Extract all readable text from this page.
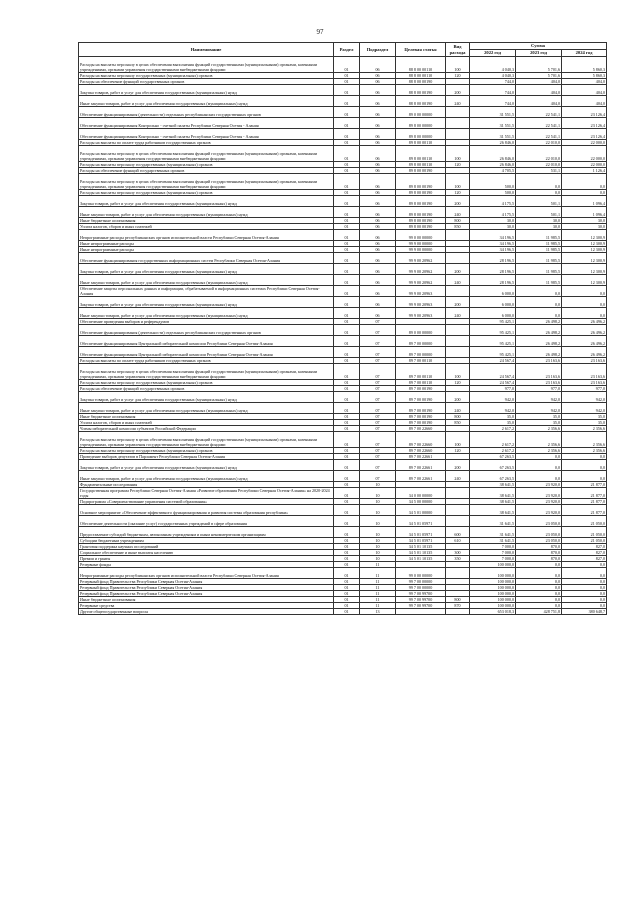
97
Наименование	Раздел	Подраздел	Целевая статья	Вид расхода	Сумма		
					2022 год	2023 год	2024 год
Расходы на выплаты персоналу в целях обеспечения выполнения функций государственными (муниципальными) органами, казенными учреждениями, органами управления государственными внебюджетными фондами	01	06	88 8 00 00110	100	4 040,3	5 701,6	5 860,3
Расходы на выплаты персоналу государственных (муниципальных) органов	01	06	88 8 00 00110	120	4 040,3	5 701,6	5 860,3
Расходы на обеспечение функций государственных органов	01	06	88 8 00 00190		744,0	404,0	404,0
Закупка товаров, работ и услуг для обеспечения государственных (муниципальных) нужд	01	06	88 8 00 00190	200	744,0	404,0	404,0
Иные закупки товаров, работ и услуг для обеспечения государственных (муниципальных) нужд	01	06	88 8 00 00190	240	744,0	404,0	404,0
Обеспечение функционирования (деятельности) отдельных республиканских государственных органов	01	06	89 0 00 00000		31 551,5	22 541,1	23 126,4
Обеспечение функционирования Контрольно - счетной палаты Республики Северная Осетия - Алания	01	06	89 8 00 00000		31 551,5	22 541,1	23 126,4
Обеспечение функционирования Контрольно - счетной палаты Республики Северная Осетия - Алания	01	06	89 8 00 00000		31 551,5	22 541,1	23 126,4
Расходы на выплаты по оплате труда работников государственных органов	01	06	89 8 00 00110		26 846,0	22 010,0	22 000,0
Расходы на выплаты персоналу в целях обеспечения выполнения функций государственными (муниципальными) органами, казенными учреждениями, органами управления государственными внебюджетными фондами	01	06	89 8 00 00110	100	26 846,0	22 010,0	22 000,0
Расходы на выплаты персоналу государственных (муниципальных) органов	01	06	89 8 00 00110	120	26 846,0	22 010,0	22 000,0
Расходы на обеспечение функций государственных органов	01	06	89 8 00 00190		4 705,5	531,1	1 126,4
Расходы на выплаты персоналу в целях обеспечения выполнения функций государственными (муниципальными) органами, казенными учреждениями, органами управления государственными внебюджетными фондами	01	06	89 8 00 00190	100	500,0	0,0	0,0
Расходы на выплаты персоналу государственных (муниципальных) органов	01	06	89 8 00 00190	120	500,0	0,0	0,0
Закупка товаров, работ и услуг для обеспечения государственных (муниципальных) нужд	01	06	89 8 00 00190	200	4 175,5	501,1	1 096,4
Иные закупки товаров, работ и услуг для обеспечения государственных (муниципальных) нужд	01	06	89 8 00 00190	240	4 175,5	501,1	1 096,4
Иные бюджетные ассигнования	01	06	89 8 00 00190	800	30,0	30,0	30,0
Уплата налогов, сборов и иных платежей	01	06	89 8 00 00190	850	30,0	30,0	30,0
Непрограммные расходы республиканских органов исполнительной власти Республики Северная Осетия-Алания	01	06	99 0 00 00000		34 196,5	11 985,5	12 300,9
Иные непрограммные расходы	01	06	99 9 00 00000		34 196,5	11 985,5	12 300,9
Иные непрограммные расходы	01	06	99 9 00 00000		34 196,5	11 985,5	12 300,9
Обеспечение функционирования государственных информационных систем Республики Северная Осетия-Алания	01	06	99 9 00 20962		28 196,5	11 985,5	12 300,9
Закупка товаров, работ и услуг для обеспечения государственных (муниципальных) нужд	01	06	99 9 00 20962	200	28 196,5	11 985,5	12 300,9
Иные закупки товаров, работ и услуг для обеспечения государственных (муниципальных) нужд	01	06	99 9 00 20962	240	28 196,5	11 985,5	12 300,9
Обеспечение защиты персональных данных и информации, обрабатываемой в информационных системах Республики Северная Осетия-Алания	01	06	99 9 00 20963		6 000,0	0,0	0,0
Закупка товаров, работ и услуг для обеспечения государственных (муниципальных) нужд	01	06	99 9 00 20963	200	6 000,0	0,0	0,0
Иные закупки товаров, работ и услуг для обеспечения государственных (муниципальных) нужд	01	06	99 9 00 20963	240	6 000,0	0,0	0,0
Обеспечение проведения выборов и референдумов	01	07			95 425,1	26 498,2	26 496,2
Обеспечение функционирования (деятельности) отдельных республиканских государственных органов	01	07	89 0 00 00000		95 425,1	26 498,2	26 496,2
Обеспечение функционирования Центральной избирательной комиссии Республики Северная Осетия-Алания	01	07	89 7 00 00000		95 425,1	26 498,2	26 496,2
Обеспечение функционирования Центральной избирательной комиссии Республики Северная Осетия-Алания	01	07	89 7 00 00000		95 425,1	26 498,2	26 496,2
Расходы на выплаты по оплате труда работников государственных органов	01	07	89 7 00 00110		24 567,4	23 163,6	23 163,6
Расходы на выплаты персоналу в целях обеспечения выполнения функций государственными (муниципальными) органами, казенными учреждениями, органами управления государственными внебюджетными фондами	01	07	89 7 00 00110	100	24 567,4	23 163,6	23 163,6
Расходы на выплаты персоналу государственных (муниципальных) органов	01	07	89 7 00 00110	120	24 567,4	23 163,6	23 163,6
Расходы на обеспечение функций государственных органов	01	07	89 7 00 00190		977,0	977,0	977,0
Закупка товаров, работ и услуг для обеспечения государственных (муниципальных) нужд	01	07	89 7 00 00190	200	942,0	942,0	942,0
Иные закупки товаров, работ и услуг для обеспечения государственных (муниципальных) нужд	01	07	89 7 00 00190	240	942,0	942,0	942,0
Иные бюджетные ассигнования	01	07	89 7 00 00190	800	35,0	35,0	35,0
Уплата налогов, сборов и иных платежей	01	07	89 7 00 00190	850	35,0	35,0	35,0
Члены избирательной комиссии субъектов Российской Федерации	01	07	89 7 00 22660		2 617,2	2 356,6	2 356,6
Расходы на выплаты персоналу в целях обеспечения выполнения функций государственными (муниципальными) органами, казенными учреждениями, органами управления государственными внебюджетными фондами	01	07	89 7 00 22660	100	2 617,2	2 356,6	2 356,6
Расходы на выплаты персоналу государственных (муниципальных) органов	01	07	89 7 00 22660	120	2 617,2	2 356,6	2 356,6
Проведение выборов депутатов в Парламент Республики Северная Осетия-Алания	01	07	89 7 00 22661		67 263,5	0,0	0,0
Закупка товаров, работ и услуг для обеспечения государственных (муниципальных) нужд	01	07	89 7 00 22661	200	67 263,5	0,0	0,0
Иные закупки товаров, работ и услуг для обеспечения государственных (муниципальных) нужд	01	07	89 7 00 22661	240	67 263,5	0,0	0,0
Фундаментальные исследования	01	10			38 641,5	23 920,0	21 877,0
Государственная программа Республики Северная Осетия-Алания «Развитие образования Республики Северная Осетия-Алания» на 2020-2024 годы	01	10	34 0 00 00000		38 641,5	23 920,0	21 877,0
Подпрограмма «Совершенствование управления системой образования»	01	10	34 5 00 00000		38 641,5	23 920,0	21 877,0
Основное мероприятие «Обеспечение эффективного функционирования и развития системы образования республики»	01	10	34 5 01 00000		38 641,5	23 920,0	21 877,0
Обеспечение деятельности (оказание услуг) государственных учреждений в сфере образования	01	10	34 5 01 05971		31 641,5	23 050,0	21 050,0
Предоставление субсидий бюджетным, автономным учреждениям и иным некоммерческим организациям	01	10	34 5 01 05971	600	31 641,5	23 050,0	21 050,0
Субсидии бюджетным учреждениям	01	10	34 5 01 05971	610	31 641,5	23 050,0	21 050,0
Грантовая поддержка научных исследований	01	10	34 5 01 10135		7 000,0	870,0	827,0
Социальное обеспечение и иные выплаты населению	01	10	34 5 01 10135	300	7 000,0	870,0	827,0
Премии и гранты	01	10	34 5 01 10135	350	7 000,0	870,0	827,0
Резервные фонды	01	11			100 000,0	0,0	0,0
Непрограммные расходы республиканских органов исполнительной власти Республики Северная Осетия-Алания	01	11	99 0 00 00000		100 000,0	0,0	0,0
Резервный фонд Правительства Республики Северная Осетия-Алания	01	11	99 7 00 00000		100 000,0	0,0	0,0
Резервный фонд Правительства Республики Северная Осетия-Алания	01	11	99 7 00 00000		100 000,0	0,0	0,0
Резервный фонд Правительства Республики Северная Осетия-Алания	01	11	99 7 00 99700		100 000,0	0,0	0,0
Иные бюджетные ассигнования	01	11	99 7 00 99700	800	100 000,0	0,0	0,0
Резервные средства	01	11	99 7 00 99700	870	100 000,0	0,0	0,0
Другие общегосударственные вопросы	01	13			653 018,3	428 751,8	380 648,7
